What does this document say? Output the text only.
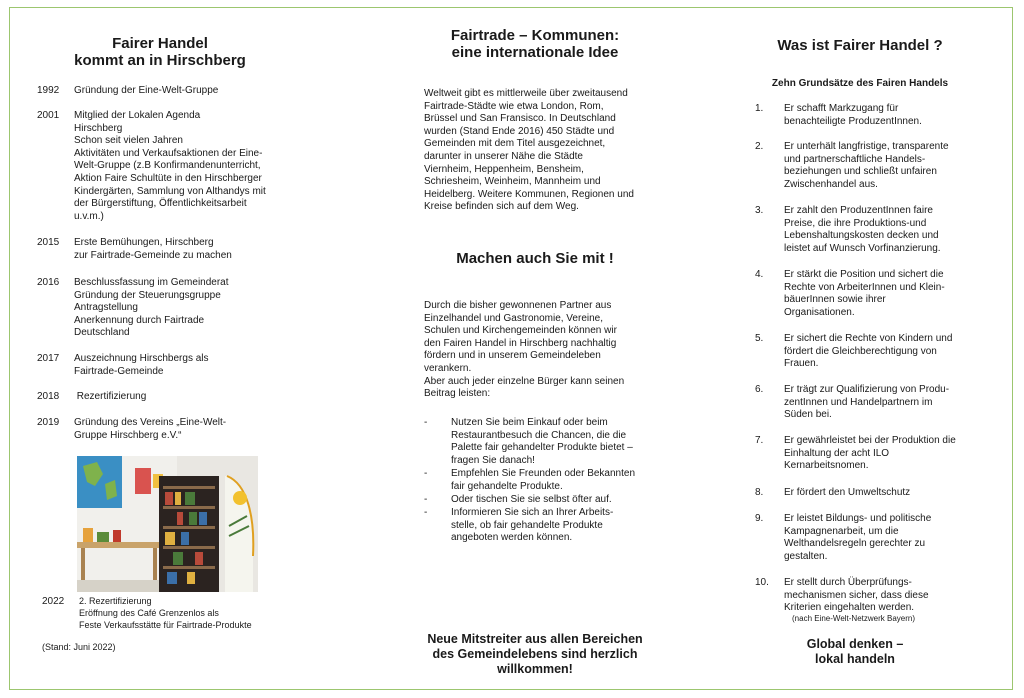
Fairer Handel
kommt an in Hirschberg
1992	Gründung der Eine-Welt-Gruppe
2001	Mitglied der Lokalen Agenda
Hirschberg
Schon seit vielen Jahren
Aktivitäten und Verkaufsaktionen der Eine-
Welt-Gruppe (z.B Konfirmandenunterricht,
Aktion Faire Schultüte in den Hirschberger
Kindergärten, Sammlung von Althandys mit
der Bürgerstiftung, Öffentlichkeitsarbeit
u.v.m.)
2015	Erste Bemühungen, Hirschberg
zur Fairtrade-Gemeinde zu machen
2016	Beschlussfassung im Gemeinderat
Gründung der Steuerungsgruppe
Antragstellung
Anerkennung durch Fairtrade
Deutschland
2017	Auszeichnung Hirschbergs als
Fairtrade-Gemeinde
2018	Rezertifizierung
2019	Gründung des Vereins „Eine-Welt-
Gruppe Hirschberg e.V.“
2022 2. Rezertifizierung
Eröffnung des Café Grenzenlos als
Feste Verkaufsstätte für Fairtrade-Produkte
(Stand: Juni 2022)
Fairtrade – Kommunen:
eine internationale Idee
Weltweit gibt es mittlerweile über zweitausend
Fairtrade-Städte wie etwa London, Rom,
Brüssel und San Fransisco. In Deutschland
wurden (Stand Ende 2016) 450 Städte und
Gemeinden mit dem Titel ausgezeichnet,
darunter in unserer Nähe die Städte
Viernheim, Heppenheim, Bensheim,
Schriesheim, Weinheim, Mannheim und
Heidelberg. Weitere Kommunen, Regionen und
Kreise befinden sich auf dem Weg.
Machen auch Sie mit !
Durch die bisher gewonnenen Partner aus
Einzelhandel und Gastronomie, Vereine,
Schulen und Kirchengemeinden können wir
den Fairen Handel in Hirschberg nachhaltig
fördern und in unserem Gemeindeleben
verankern.
Aber auch jeder einzelne Bürger kann seinen
Beitrag leisten:
- Nutzen Sie beim Einkauf oder beim
Restaurantbesuch die Chancen, die die
Palette fair gehandelter Produkte bietet –
fragen Sie danach!
- Empfehlen Sie Freunden oder Bekannten
fair gehandelte Produkte.
- Oder tischen Sie sie selbst öfter auf.
- Informieren Sie sich an Ihrer Arbeits-
stelle, ob fair gehandelte Produkte
angeboten werden können.
Neue Mitstreiter aus allen Bereichen
des Gemeindelebens sind herzlich
willkommen!
Was ist Fairer Handel ?
Zehn Grundsätze des Fairen Handels
1.	Er schafft Markzugang für
benachteiligte ProduzentInnen.
2.	Er unterhält langfristige, transparente
und partnerschaftliche Handels-
beziehungen und schließt unfairen
Zwischenhandel aus.
3.	Er zahlt den ProduzentInnen faire
Preise, die ihre Produktions-und
Lebenshaltungskosten decken und
leistet auf Wunsch Vorfinanzierung.
4.	Er stärkt die Position und sichert die
Rechte von ArbeiterInnen und Klein-
bäuerInnen sowie ihrer
Organisationen.
5.	Er sichert die Rechte von Kindern und
fördert die Gleichberechtigung von
Frauen.
6.	Er trägt zur Qualifizierung von Produ-
zentInnen und Handelpartnern im
Süden bei.
7.	Er gewährleistet bei der Produktion die
Einhaltung der acht ILO
Kernarbeitsnomen.
8.	Er fördert den Umweltschutz
9.	Er leistet Bildungs- und politische
Kampagnenarbeit, um die
Welthandelsregeln gerechter zu
gestalten.
10.	Er stellt durch Überprüfungs-
mechanismen sicher, dass diese
Kriterien eingehalten werden.
(nach Eine-Welt-Netzwerk Bayern)
Global denken –
lokal handeln
